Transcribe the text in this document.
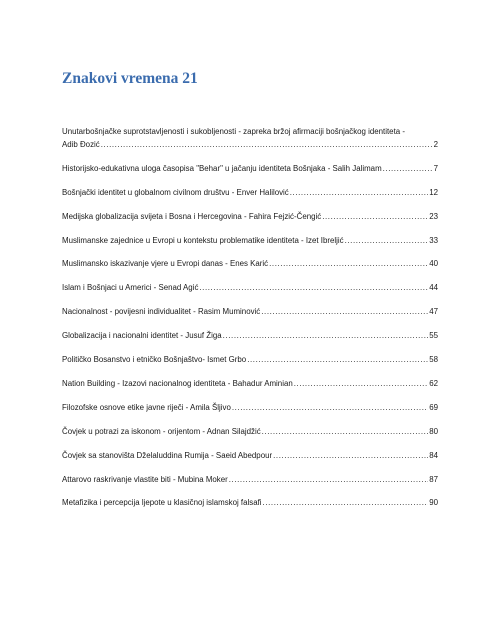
Znakovi vremena 21
Unutarbošnjačke suprotstavljenosti i sukobljenosti - zapreka bržoj afirmaciji bošnjačkog identiteta -
Adib Đozić .....	2
Historijsko-edukativna uloga časopisa "Behar" u jačanju identiteta Bošnjaka - Salih Jalimam .....	7
Bošnjački identitet u globalnom civilnom društvu - Enver Halilović .....	12
Medijska globalizacija svijeta i Bosna i Hercegovina - Fahira Fejzić-Čengić .....	23
Muslimanske zajednice u Evropi u kontekstu problematike identiteta - Izet Ibreljić .....	33
Muslimansko iskazivanje vjere u Evropi danas - Enes Karić .....	40
Islam i Bošnjaci u Americi - Senad Agić .....	44
Nacionalnost - povijesni individualitet - Rasim Muminović .....	47
Globalizacija i nacionalni identitet - Jusuf Žiga .....	55
Političko Bosanstvo i etničko Bošnjaštvo- Ismet Grbo .....	58
Nation Building - Izazovi nacionalnog identiteta - Bahadur Aminian .....	62
Filozofske osnove etike javne riječi - Amila Šljivo .....	69
Čovjek u potrazi za iskonom - orijentom - Adnan Silajdžić .....	80
Čovjek sa stanovišta Dželaluddina Rumija - Saeid Abedpour .....	84
Attarovo raskrivanje vlastite biti - Mubina Moker .....	87
Metafizika i percepcija ljepote u klasičnoj islamskoj falsafi .....	90
